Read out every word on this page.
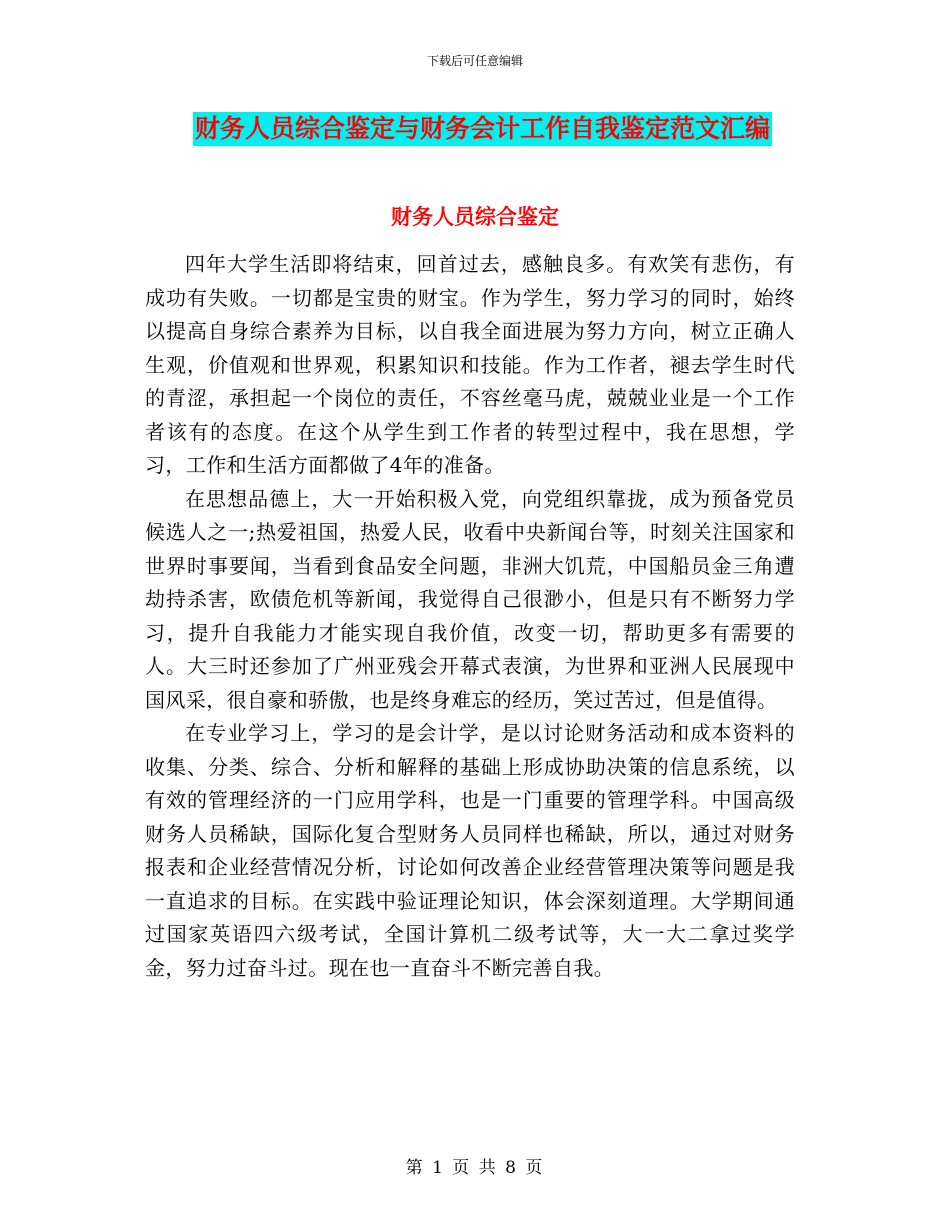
下载后可任意编辑
财务人员综合鉴定与财务会计工作自我鉴定范文汇编
财务人员综合鉴定

四年大学生活即将结束，回首过去，感触良多。有欢笑有悲伤，有成功有失败。一切都是宝贵的财宝。作为学生，努力学习的同时，始终以提高自身综合素养为目标，以自我全面进展为努力方向，树立正确人生观，价值观和世界观，积累知识和技能。作为工作者，褪去学生时代的青涩，承担起一个岗位的责任，不容丝毫马虎，兢兢业业是一个工作者该有的态度。在这个从学生到工作者的转型过程中，我在思想，学习，工作和生活方面都做了4年的准备。

在思想品德上，大一开始积极入党，向党组织靠拢，成为预备党员候选人之一;热爱祖国，热爱人民，收看中央新闻台等，时刻关注国家和世界时事要闻，当看到食品安全问题，非洲大饥荒，中国船员金三角遭劫持杀害，欧债危机等新闻，我觉得自己很渺小，但是只有不断努力学习，提升自我能力才能实现自我价值，改变一切，帮助更多有需要的人。大三时还参加了广州亚残会开幕式表演，为世界和亚洲人民展现中国风采，很自豪和骄傲，也是终身难忘的经历，笑过苦过，但是值得。

在专业学习上，学习的是会计学，是以讨论财务活动和成本资料的收集、分类、综合、分析和解释的基础上形成协助决策的信息系统，以有效的管理经济的一门应用学科，也是一门重要的管理学科。中国高级财务人员稀缺，国际化复合型财务人员同样也稀缺，所以，通过对财务报表和企业经营情况分析，讨论如何改善企业经营管理决策等问题是我一直追求的目标。在实践中验证理论知识，体会深刻道理。大学期间通过国家英语四六级考试，全国计算机二级考试等，大一大二拿过奖学金，努力过奋斗过。现在也一直奋斗不断完善自我。

第 1 页 共 8 页
